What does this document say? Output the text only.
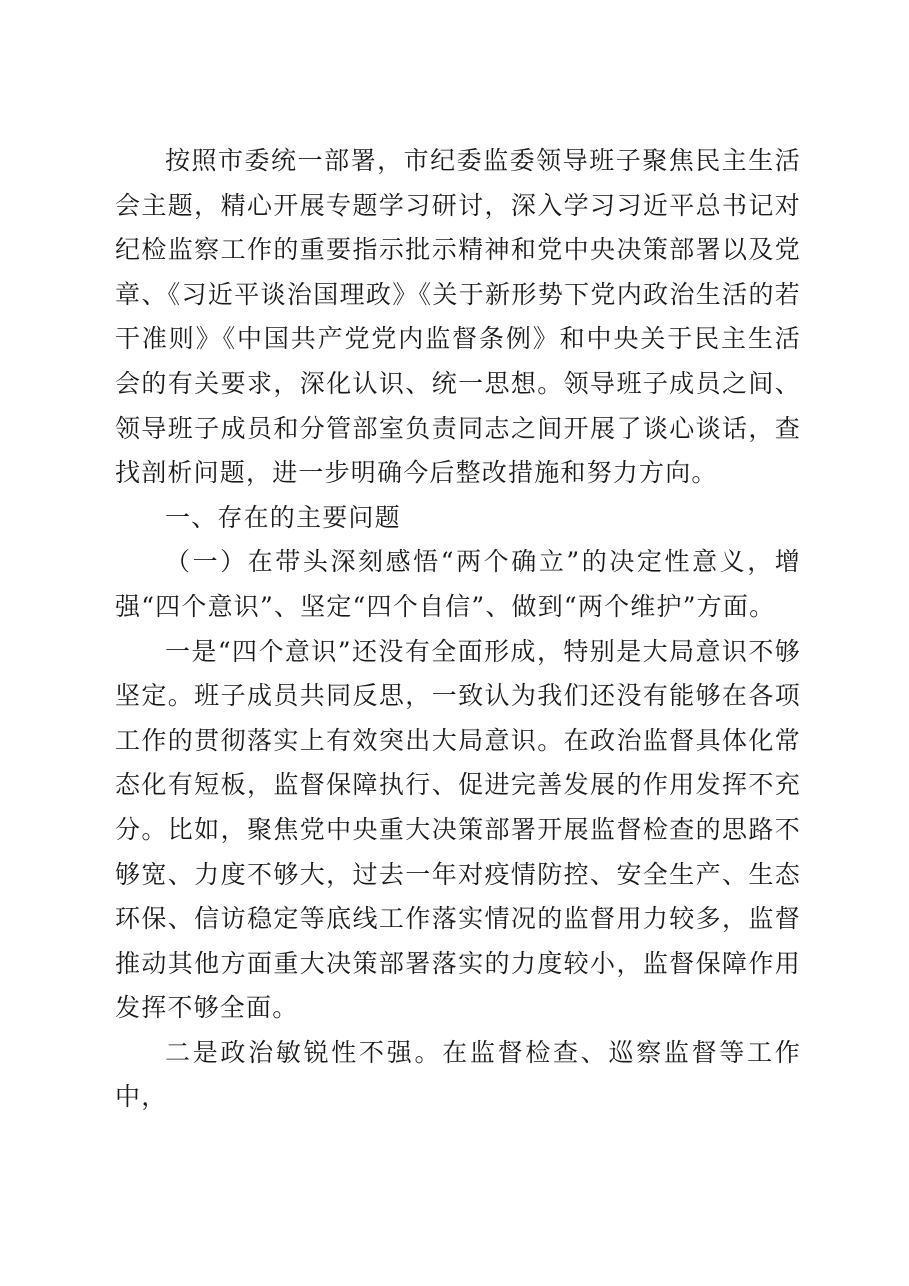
按照市委统一部署，市纪委监委领导班子聚焦民主生活会主题，精心开展专题学习研讨，深入学习习近平总书记对纪检监察工作的重要指示批示精神和党中央决策部署以及党章、《习近平谈治国理政》《关于新形势下党内政治生活的若干准则》《中国共产党党内监督条例》和中央关于民主生活会的有关要求，深化认识、统一思想。领导班子成员之间、领导班子成员和分管部室负责同志之间开展了谈心谈话，查找剖析问题，进一步明确今后整改措施和努力方向。

一、存在的主要问题

（一）在带头深刻感悟“两个确立”的决定性意义，增强“四个意识”、坚定“四个自信”、做到“两个维护”方面。

一是“四个意识”还没有全面形成，特别是大局意识不够坚定。班子成员共同反思，一致认为我们还没有能够在各项工作的贯彻落实上有效突出大局意识。在政治监督具体化常态化有短板，监督保障执行、促进完善发展的作用发挥不充分。比如，聚焦党中央重大决策部署开展监督检查的思路不够宽、力度不够大，过去一年对疫情防控、安全生产、生态环保、信访稳定等底线工作落实情况的监督用力较多，监督推动其他方面重大决策部署落实的力度较小，监督保障作用发挥不够全面。

二是政治敏锐性不强。在监督检查、巡察监督等工作中，
